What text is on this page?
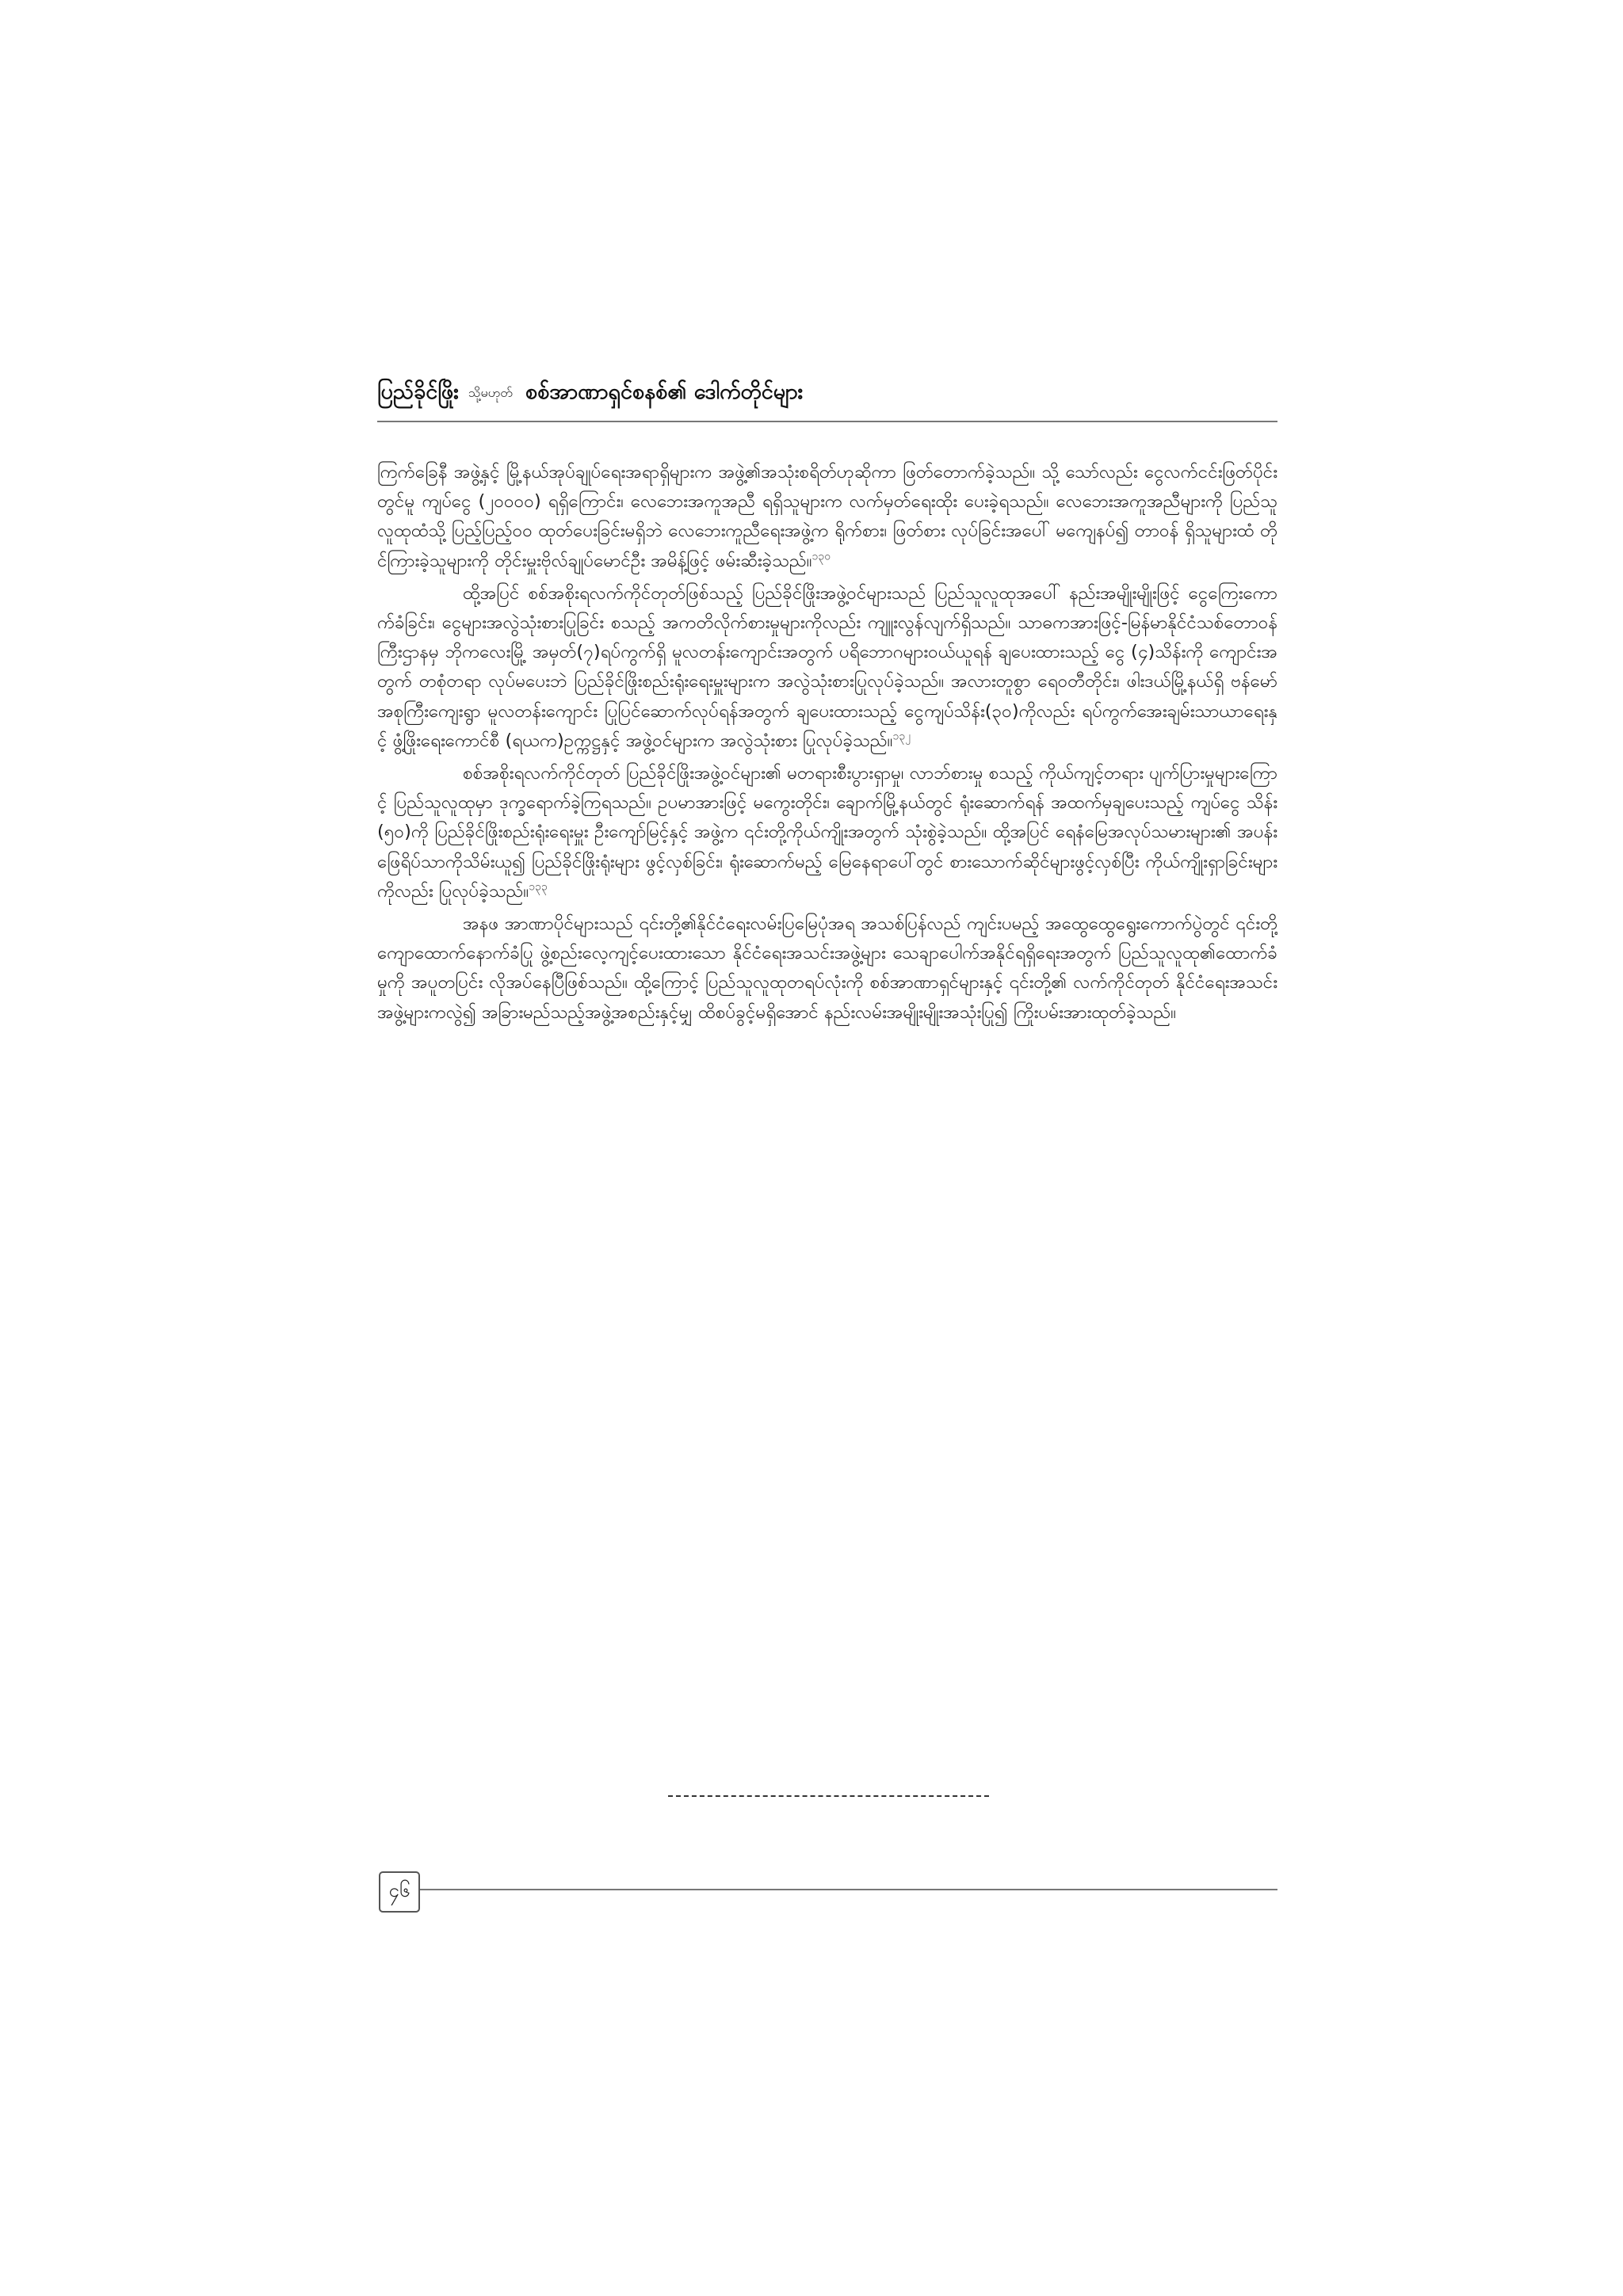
ပြည်ခိုင်ဖြိုး သို့မဟုတ် စစ်အာဏာရှင်စနစ်၏ ဒေါက်တိုင်များ

ကြက်ခြေနီ အဖွဲ့နှင့် မြို့နယ်အုပ်ချုပ်ရေးအရာရှိများက အဖွဲ့၏အသုံးစရိတ်ဟုဆိုကာ ဖြတ်တောက်ခဲ့သည်။ သို့ သော်လည်း ငွေလက်ငင်းဖြတ်ပိုင်းတွင်မူ ကျပ်ငွေ (၂၀၀၀၀) ရရှိကြောင်း၊ လေဘေးအကူအညီ ရရှိသူများက လက်မှတ်ရေးထိုး ပေးခဲ့ရသည်။ လေဘေးအကူအညီများကို ပြည်သူလူထုထံသို့ ပြည့်ပြည့်ဝဝ ထုတ်ပေးခြင်းမရှိဘဲ လေဘေးကူညီရေးအဖွဲ့က ရိုက်စား၊ ဖြတ်စား လုပ်ခြင်းအပေါ် မကျေနပ်၍ တာဝန် ရှိသူများထံ တိုင်ကြားခဲ့သူများကို တိုင်းမှူးဗိုလ်ချုပ်မောင်ဦး အမိန့်ဖြင့် ဖမ်းဆီးခဲ့သည်။$^{၁၃၀}$

ထို့အပြင် စစ်အစိုးရလက်ကိုင်တုတ်ဖြစ်သည့် ပြည်ခိုင်ဖြိုးအဖွဲ့ဝင်များသည် ပြည်သူလူထုအပေါ် နည်းအမျိုးမျိုးဖြင့် ငွေကြေးကောက်ခံခြင်း၊ ငွေများအလွဲသုံးစားပြုခြင်း စသည့် အကတိလိုက်စားမှုများကိုလည်း ကျူးလွန်လျက်ရှိသည်။ သာဓကအားဖြင့်-မြန်မာနိုင်ငံသစ်တောဝန်ကြီးဌာနမှ ဘိုကလေးမြို့ အမှတ်(၇)ရပ်ကွက်ရှိ မူလတန်းကျောင်းအတွက် ပရိဘောဂများဝယ်ယူရန် ချပေးထားသည့် ငွေ (၄)သိန်းကို ကျောင်းအတွက် တစုံတရာ လုပ်မပေးဘဲ ပြည်ခိုင်ဖြိုးစည်းရုံးရေးမှူးများက အလွဲသုံးစားပြုလုပ်ခဲ့သည်။ အလားတူစွာ ရေဝတီတိုင်း၊ ဖါးဒယ်မြို့နယ်ရှိ ဗန်မော်အစုကြီးကျေးရွာ မူလတန်းကျောင်း ပြုပြင်ဆောက်လုပ်ရန်အတွက် ချပေးထားသည့် ငွေကျပ်သိန်း(၃၀)ကိုလည်း ရပ်ကွက်အေးချမ်းသာယာရေးနှင့် ဖွံ့ဖြိုးရေးကောင်စီ (ရယက)ဥက္ကဋ္ဌနှင့် အဖွဲ့ဝင်များက အလွဲသုံးစား ပြုလုပ်ခဲ့သည်။$^{၁၃၂}$

စစ်အစိုးရလက်ကိုင်တုတ် ပြည်ခိုင်ဖြိုးအဖွဲ့ဝင်များ၏ မတရားစီးပွားရှာမှု၊ လာဘ်စားမှု စသည့် ကိုယ်ကျင့်တရား ပျက်ပြားမှုများကြောင့် ပြည်သူလူထုမှာ ဒုက္ခရောက်ခဲ့ကြရသည်။ ဥပမာအားဖြင့် မကွေးတိုင်း၊ ချောက်မြို့နယ်တွင် ရုံးဆောက်ရန် အထက်မှချပေးသည့် ကျပ်ငွေ သိန်း(၅၀)ကို ပြည်ခိုင်ဖြိုးစည်းရုံးရေးမှူး ဦးကျော်မြင့်နှင့် အဖွဲ့က ၎င်းတို့ကိုယ်ကျိုးအတွက် သုံးစွဲခဲ့သည်။ ထို့အပြင် ရေနံမြေအလုပ်သမားများ၏ အပန်းဖြေရိပ်သာကိုသိမ်းယူ၍ ပြည်ခိုင်ဖြိုးရုံးများ ဖွင့်လှစ်ခြင်း၊ ရုံးဆောက်မည့် မြေနေရာပေါ်တွင် စားသောက်ဆိုင်များဖွင့်လှစ်ပြီး ကိုယ်ကျိုးရှာခြင်းများကိုလည်း ပြုလုပ်ခဲ့သည်။$^{၁၃၃}$

အနဖ အာဏာပိုင်များသည် ၎င်းတို့၏နိုင်ငံရေးလမ်းပြမြေပုံအရ အသစ်ပြန်လည် ကျင်းပမည့် အထွေထွေရွေးကောက်ပွဲတွင် ၎င်းတို့ကျောထောက်နောက်ခံပြု ဖွဲ့စည်းလေ့ကျင့်ပေးထားသော နိုင်ငံရေးအသင်းအဖွဲ့များ သေချာပေါက်အနိုင်ရရှိရေးအတွက် ပြည်သူလူထု၏ထောက်ခံမှုကို အပူတပြင်း လိုအပ်နေပြီဖြစ်သည်။ ထို့ကြောင့် ပြည်သူလူထုတရပ်လုံးကို စစ်အာဏာရှင်များနှင့် ၎င်းတို့၏ လက်ကိုင်တုတ် နိုင်ငံရေးအသင်းအဖွဲ့များကလွဲ၍ အခြားမည်သည့်အဖွဲ့အစည်းနှင့်မျှ ထိစပ်ခွင့်မရှိအောင် နည်းလမ်းအမျိုးမျိုးအသုံးပြု၍ ကြိုးပမ်းအားထုတ်ခဲ့သည်။

၄၆
